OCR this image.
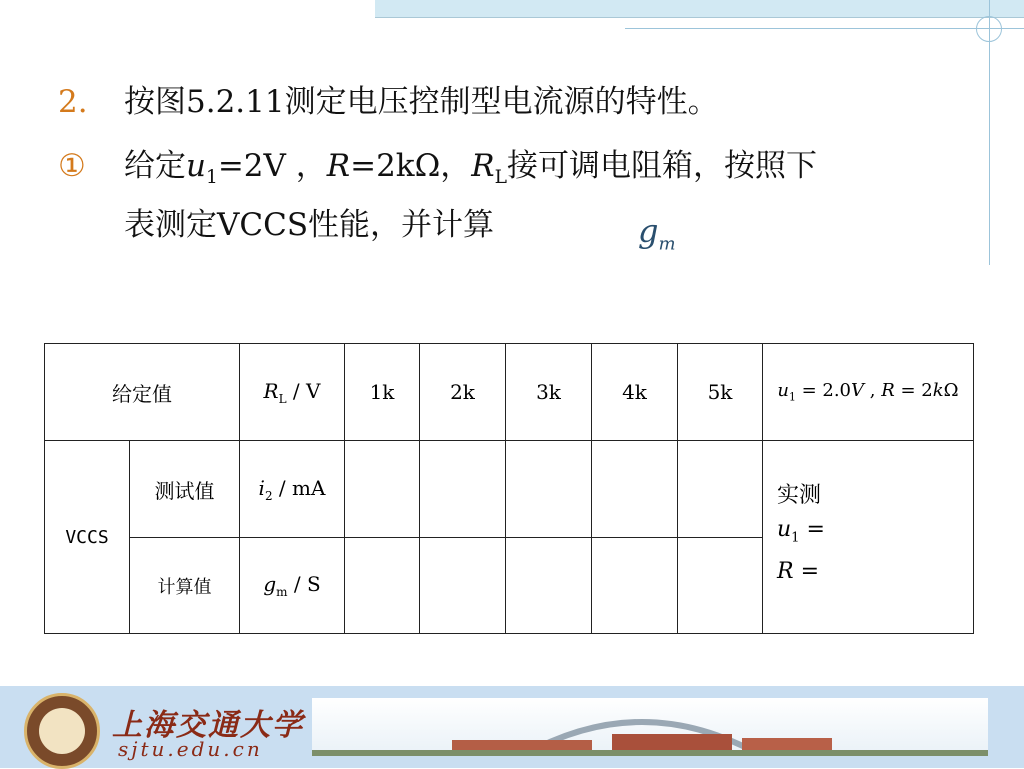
2. 按图5.2.11测定电压控制型电流源的特性。
① 给定$u_1=2V$ ，R=2kΩ，$R_L$接可调电阻箱，按照下
表测定VCCS性能，并计算	$g_m$
给定值		$R_L$ / V	1k	2k	3k	4k	5k	$u_1 = 2.0V$ , R = 2kΩ
VCCS	测试值	$i_2$ / mA						实测
$u_1$ =
R =

	计算值	$g_m$ / S						
上海交通大学
sjtu.edu.cn
